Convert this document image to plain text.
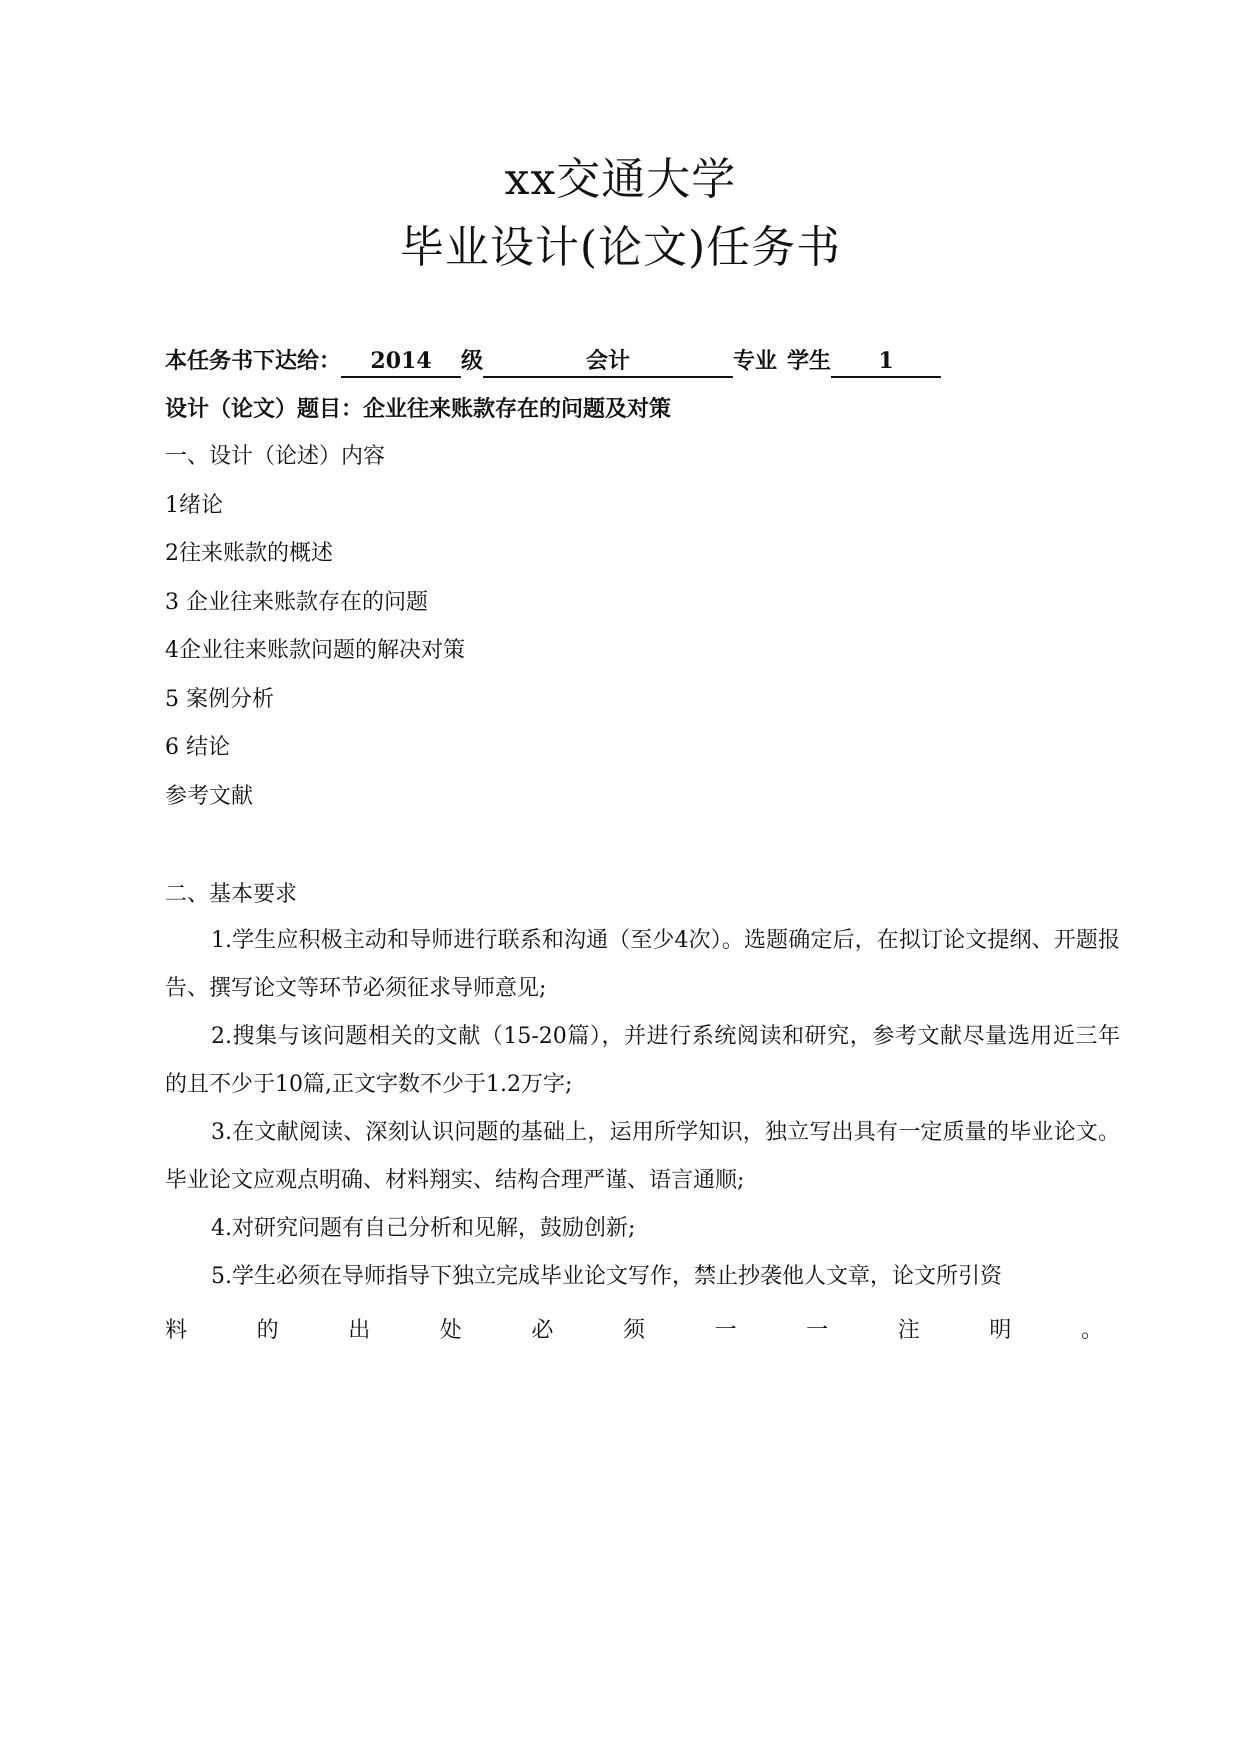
xx交通大学
毕业设计(论文)任务书
本任务书下达给： 2014 级	会计	专业 学生 1
设计（论文）题目：企业往来账款存在的问题及对策
一、设计（论述）内容
1绪论
2往来账款的概述
3 企业往来账款存在的问题
4企业往来账款问题的解决对策
5 案例分析
6 结论
参考文献
二、基本要求

1.学生应积极主动和导师进行联系和沟通（至少4次）。选题确定后，在拟订论文提纲、开题报告、撰写论文等环节必须征求导师意见;

2.搜集与该问题相关的文献（15-20篇），并进行系统阅读和研究，参考文献尽量选用近三年的且不少于10篇,正文字数不少于1.2万字;

3.在文献阅读、深刻认识问题的基础上，运用所学知识，独立写出具有一定质量的毕业论文。毕业论文应观点明确、材料翔实、结构合理严谨、语言通顺;

4.对研究问题有自己分析和见解，鼓励创新;

5.学生必须在导师指导下独立完成毕业论文写作，禁止抄袭他人文章，论文所引资

料	的	出	处	必	须	一	一	注	明	。
